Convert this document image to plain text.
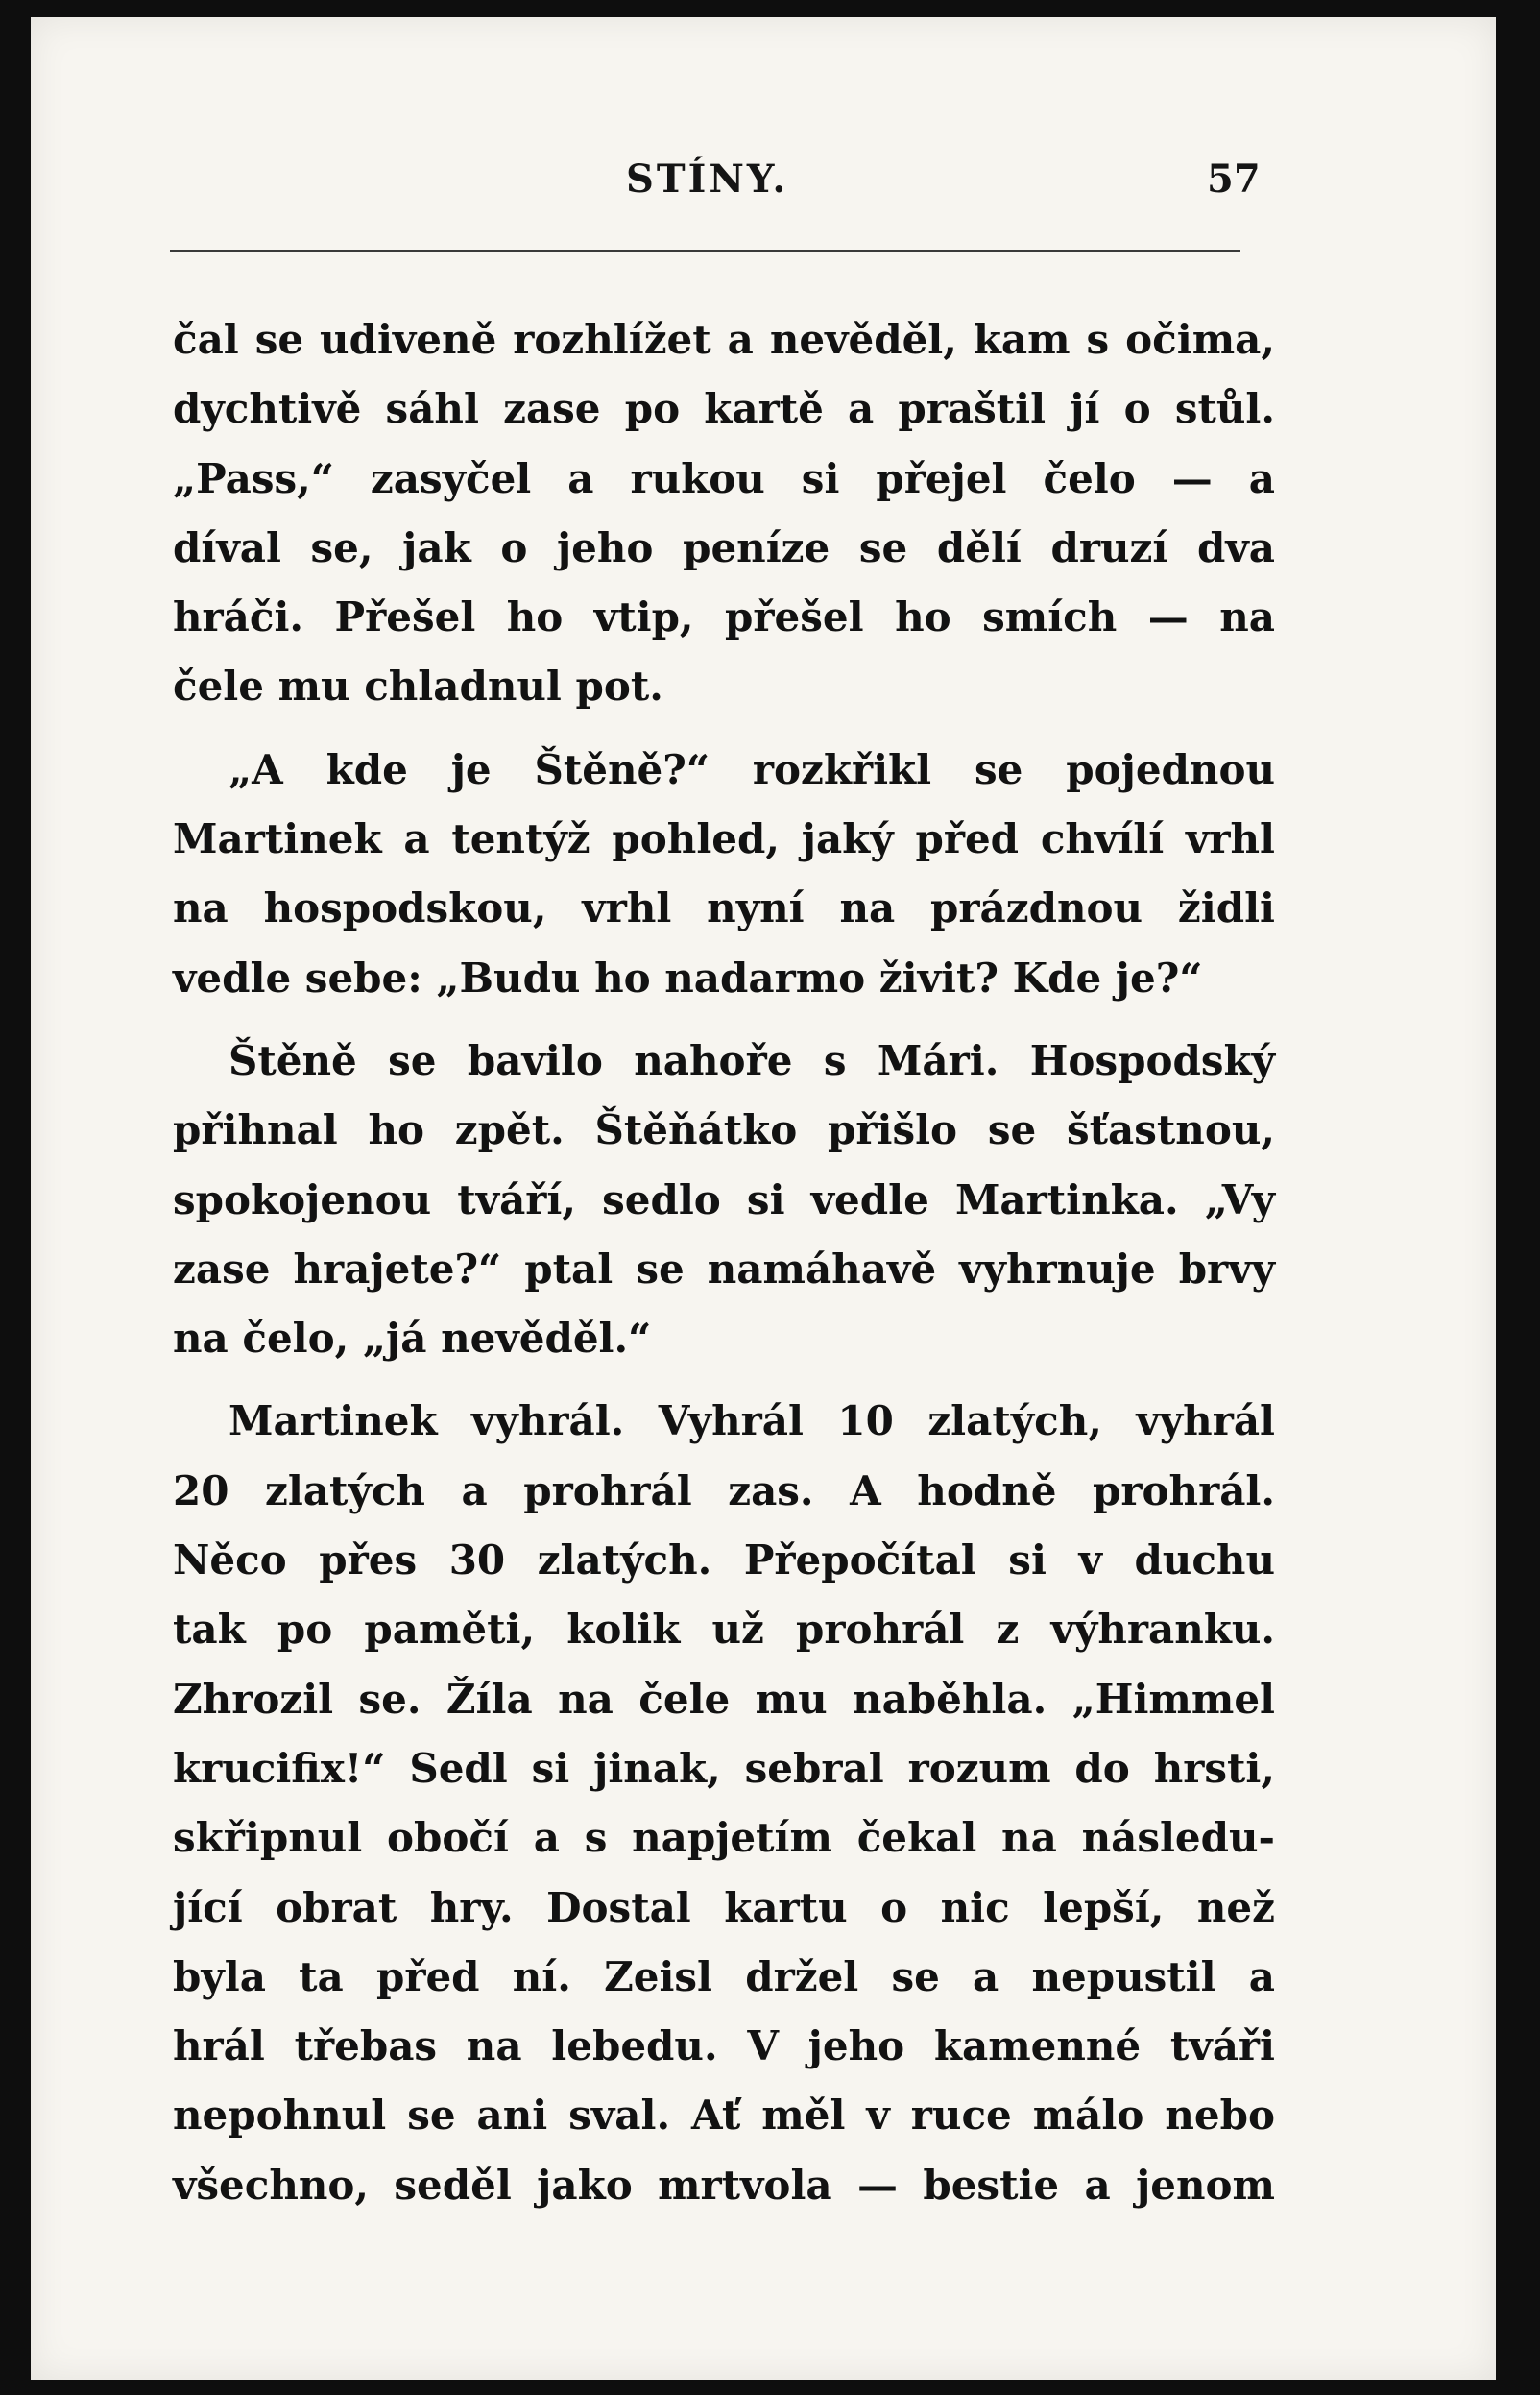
STÍNY.	57
čal se udiveně rozhlížet a nevěděl, kam s očima,
dychtivě sáhl zase po kartě a praštil jí o stůl.
„Pass,“ zasyčel a rukou si přejel čelo — a
díval se, jak o jeho peníze se dělí druzí dva
hráči. Přešel ho vtip, přešel ho smích — na
čele mu chladnul pot.
„A kde je Štěně?“ rozkřikl se pojednou
Martinek a tentýž pohled, jaký před chvílí vrhl
na hospodskou, vrhl nyní na prázdnou židli
vedle sebe: „Budu ho nadarmo živit? Kde je?“
Štěně se bavilo nahoře s Mári. Hospodský
přihnal ho zpět. Štěňátko přišlo se šťastnou,
spokojenou tváří, sedlo si vedle Martinka. „Vy
zase hrajete?“ ptal se namáhavě vyhrnuje brvy
na čelo, „já nevěděl.“
Martinek vyhrál. Vyhrál 10 zlatých, vyhrál
20 zlatých a prohrál zas. A hodně prohrál.
Něco přes 30 zlatých. Přepočítal si v duchu
tak po paměti, kolik už prohrál z výhranku.
Zhrozil se. Žíla na čele mu naběhla. „Himmel
krucifix!“ Sedl si jinak, sebral rozum do hrsti,
skřipnul obočí a s napjetím čekal na následu-
jící obrat hry. Dostal kartu o nic lepší, než
byla ta před ní. Zeisl držel se a nepustil a
hrál třebas na lebedu. V jeho kamenné tváři
nepohnul se ani sval. Ať měl v ruce málo nebo
všechno, seděl jako mrtvola — bestie a jenom
